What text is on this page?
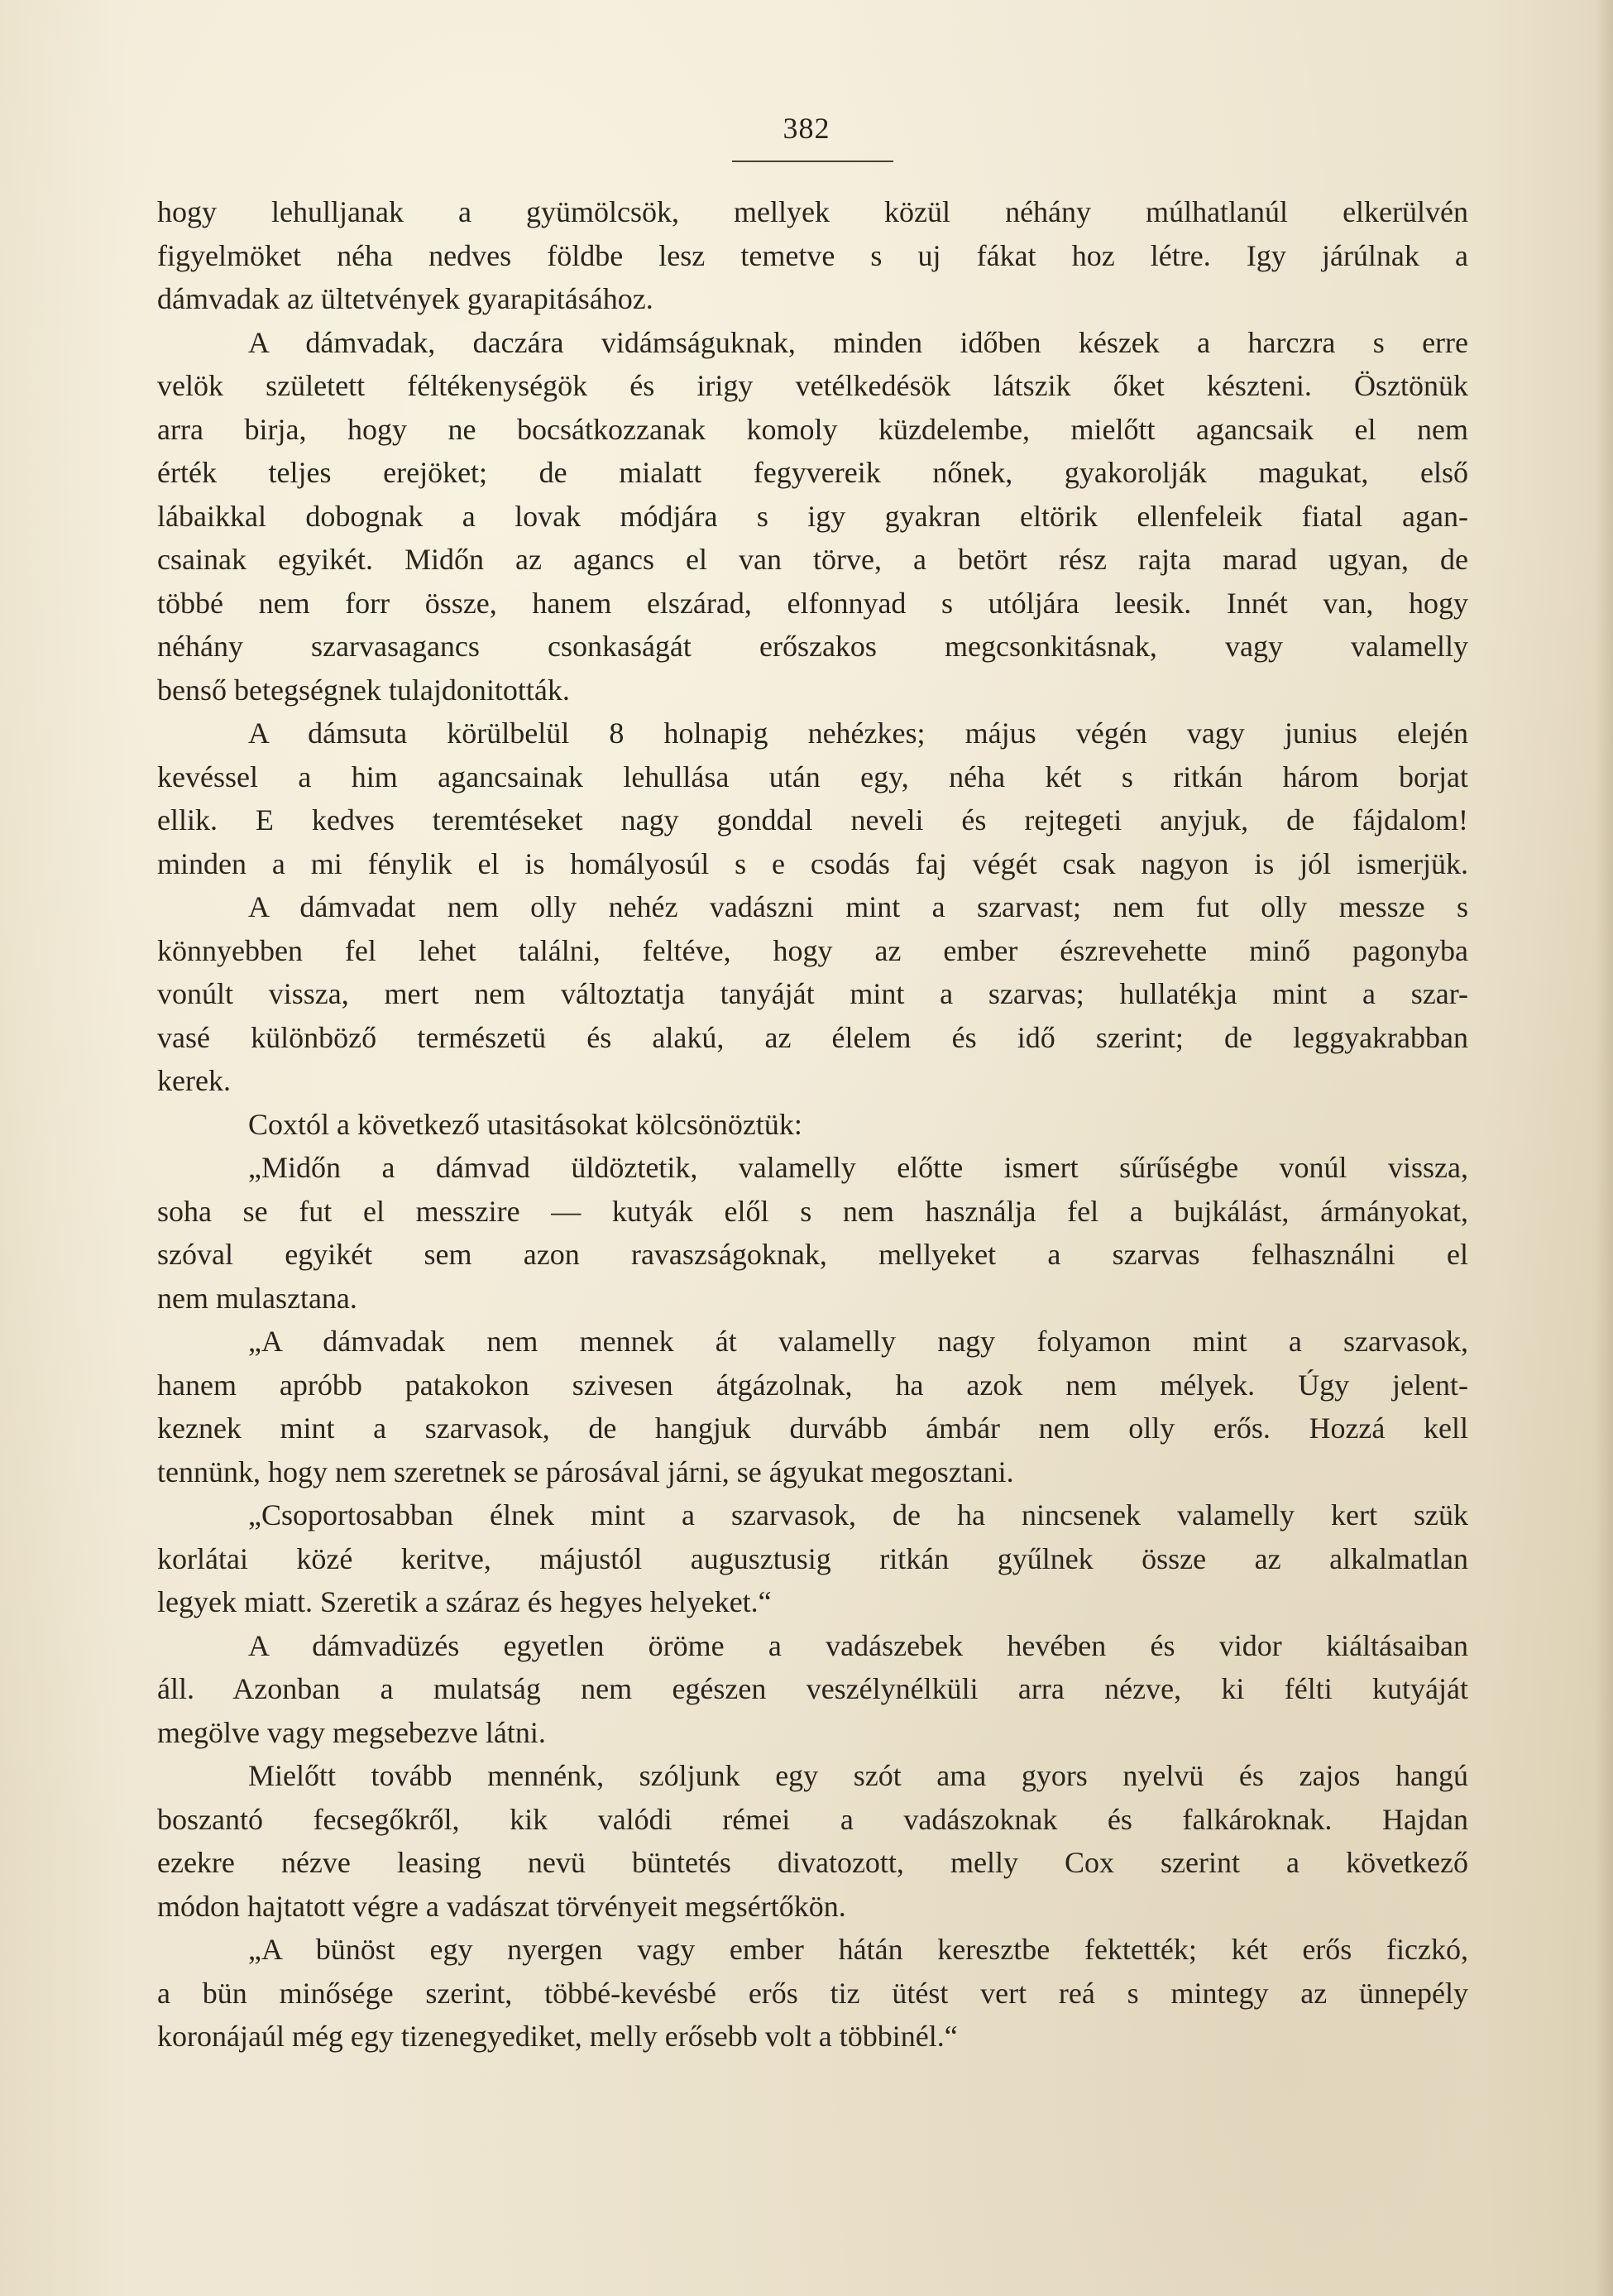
382
hogy lehulljanak a gyümölcsök, mellyek közül néhány múlhatlanúl elkerülvén
figyelmöket néha nedves földbe lesz temetve s uj fákat hoz létre. Igy járúlnak a
dámvadak az ültetvények gyarapitásához.
A dámvadak, daczára vidámságuknak, minden időben készek a harczra s erre
velök született féltékenységök és irigy vetélkedésök látszik őket készteni. Ösztönük
arra birja, hogy ne bocsátkozzanak komoly küzdelembe, mielőtt agancsaik el nem
érték teljes erejöket; de mialatt fegyvereik nőnek, gyakorolják magukat, első
lábaikkal dobognak a lovak módjára s igy gyakran eltörik ellenfeleik fiatal agan-
csainak egyikét. Midőn az agancs el van törve, a betört rész rajta marad ugyan, de
többé nem forr össze, hanem elszárad, elfonnyad s utóljára leesik. Innét van, hogy
néhány szarvasagancs csonkaságát erőszakos megcsonkitásnak, vagy valamelly
benső betegségnek tulajdonitották.
A dámsuta körülbelül 8 holnapig nehézkes; május végén vagy junius elején
kevéssel a him agancsainak lehullása után egy, néha két s ritkán három borjat
ellik. E kedves teremtéseket nagy gonddal neveli és rejtegeti anyjuk, de fájdalom!
minden a mi fénylik el is homályosúl s e csodás faj végét csak nagyon is jól ismerjük.
A dámvadat nem olly nehéz vadászni mint a szarvast; nem fut olly messze s
könnyebben fel lehet találni, feltéve, hogy az ember észrevehette minő pagonyba
vonúlt vissza, mert nem változtatja tanyáját mint a szarvas; hullatékja mint a szar-
vasé különböző természetü és alakú, az élelem és idő szerint; de leggyakrabban
kerek.
Coxtól a következő utasitásokat kölcsönöztük:
„Midőn a dámvad üldöztetik, valamelly előtte ismert sűrűségbe vonúl vissza,
soha se fut el messzire — kutyák elől s nem használja fel a bujkálást, ármányokat,
szóval egyikét sem azon ravaszságoknak, mellyeket a szarvas felhasználni el
nem mulasztana.
„A dámvadak nem mennek át valamelly nagy folyamon mint a szarvasok,
hanem apróbb patakokon szivesen átgázolnak, ha azok nem mélyek. Úgy jelent-
keznek mint a szarvasok, de hangjuk durvább ámbár nem olly erős. Hozzá kell
tennünk, hogy nem szeretnek se párosával járni, se ágyukat megosztani.
„Csoportosabban élnek mint a szarvasok, de ha nincsenek valamelly kert szük
korlátai közé keritve, májustól augusztusig ritkán gyűlnek össze az alkalmatlan
legyek miatt. Szeretik a száraz és hegyes helyeket.“
A dámvadüzés egyetlen öröme a vadászebek hevében és vidor kiáltásaiban
áll. Azonban a mulatság nem egészen veszélynélküli arra nézve, ki félti kutyáját
megölve vagy megsebezve látni.
Mielőtt tovább mennénk, szóljunk egy szót ama gyors nyelvü és zajos hangú
boszantó fecsegőkről, kik valódi rémei a vadászoknak és falkároknak. Hajdan
ezekre nézve leasing nevü büntetés divatozott, melly Cox szerint a következő
módon hajtatott végre a vadászat törvényeit megsértőkön.
„A bünöst egy nyergen vagy ember hátán keresztbe fektették; két erős ficzkó,
a bün minősége szerint, többé-kevésbé erős tiz ütést vert reá s mintegy az ünnepély
koronájaúl még egy tizenegyediket, melly erősebb volt a többinél.“
